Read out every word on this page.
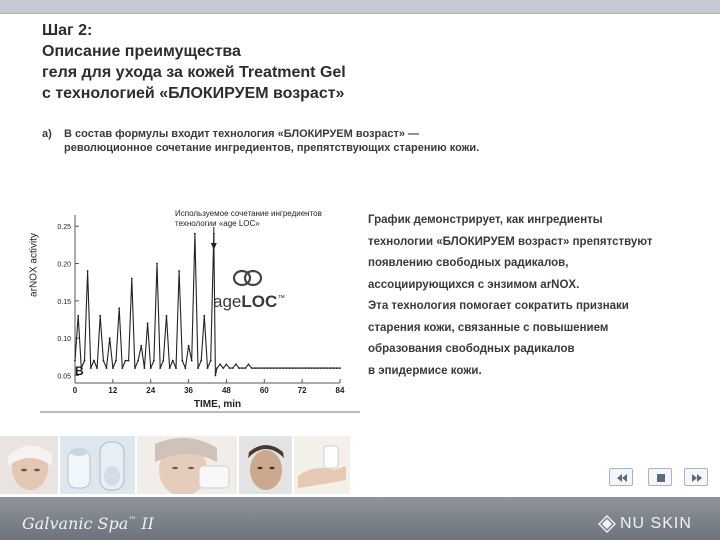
Шаг 2:
Описание преимущества
геля для ухода за кожей Treatment Gel
с технологией «БЛОКИРУЕМ возраст»
а) В состав формулы входит технология «БЛОКИРУЕМ возраст» —
революционное сочетание ингредиентов, препятствующих старению кожи.
arNOX activity
0.05
0.10
0.15
0.20
0.25
0	12	24	36	48	60	72	84
TIME, min
Используемое сочетание ингредиентов
технологии «age LOC»
ageLOC™
B
График демонстрирует, как ингредиенты
технологии «БЛОКИРУЕМ возраст» препятствуют
появлению свободных радикалов,
ассоциирующихся с энзимом arNOX.
Эта технология помогает сократить признаки
старения кожи, связанные с повышением
образования свободных радикалов
в эпидермисе кожи.
Galvanic Spa™ II	NU SKIN
